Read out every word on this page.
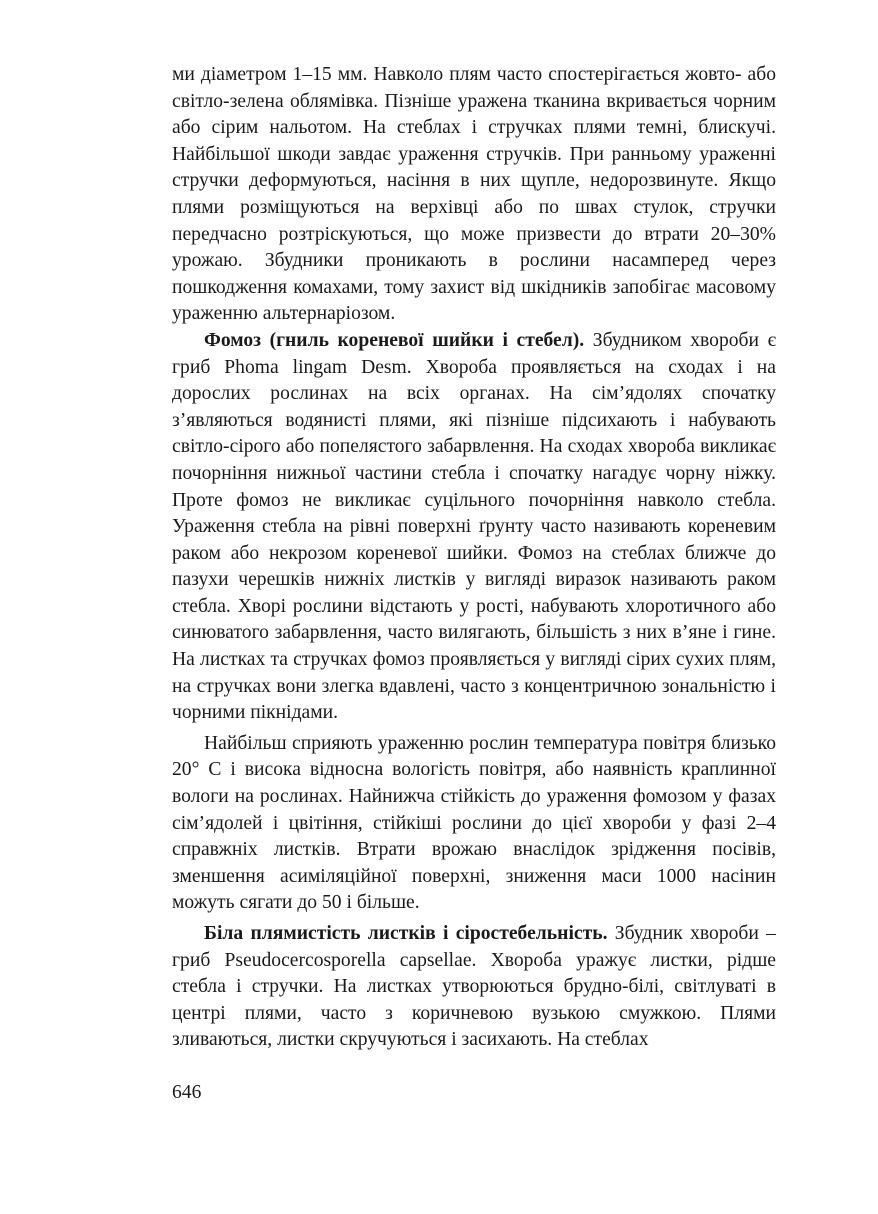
ми діаметром 1–15 мм. Навколо плям часто спостерігається жовто- або світло-зелена облямівка. Пізніше уражена тканина вкривається чорним або сірим нальотом. На стеблах і стручках плями темні, блискучі. Найбільшої шкоди завдає ураження стручків. При ранньому ураженні стручки деформуються, насіння в них щупле, недорозвинуте. Якщо плями розміщуються на верхівці або по швах стулок, стручки передчасно розтріскуються, що може призвести до втрати 20–30% урожаю. Збудники проникають в рослини насамперед через пошкодження комахами, тому захист від шкідників запобігає масовому ураженню альтернаріозом.

Фомоз (гниль кореневої шийки і стебел). Збудником хвороби є гриб Phoma lingam Desm. Хвороба проявляється на сходах і на дорослих рослинах на всіх органах. На сім’ядолях спочатку з’являються водянисті плями, які пізніше підсихають і набувають світло-сірого або попелястого забарвлення. На сходах хвороба викликає почорніння нижньої частини стебла і спочатку нагадує чорну ніжку. Проте фомоз не викликає суцільного почорніння навколо стебла. Ураження стебла на рівні поверхні ґрунту часто називають кореневим раком або некрозом кореневої шийки. Фомоз на стеблах ближче до пазухи черешків нижніх листків у вигляді виразок називають раком стебла. Хворі рослини відстають у рості, набувають хлоротичного або синюватого забарвлення, часто вилягають, більшість з них в’яне і гине. На листках та стручках фомоз проявляється у вигляді сірих сухих плям, на стручках вони злегка вдавлені, часто з концентричною зональністю і чорними пікнідами.

Найбільш сприяють ураженню рослин температура повітря близько 20° С і висока відносна вологість повітря, або наявність краплинної вологи на рослинах. Найнижча стійкість до ураження фомозом у фазах сім’ядолей і цвітіння, стійкіші рослини до цієї хвороби у фазі 2–4 справжніх листків. Втрати врожаю внаслідок зрідження посівів, зменшення асиміляційної поверхні, зниження маси 1000 насінин можуть сягати до 50 і більше.

Біла плямистість листків і сіростебельність. Збудник хвороби – гриб Pseudocercosporella capsellae. Хвороба уражує листки, рідше стебла і стручки. На листках утворюються брудно-білі, світлуваті в центрі плями, часто з коричневою вузькою смужкою. Плями зливаються, листки скручуються і засихають. На стеблах

646
